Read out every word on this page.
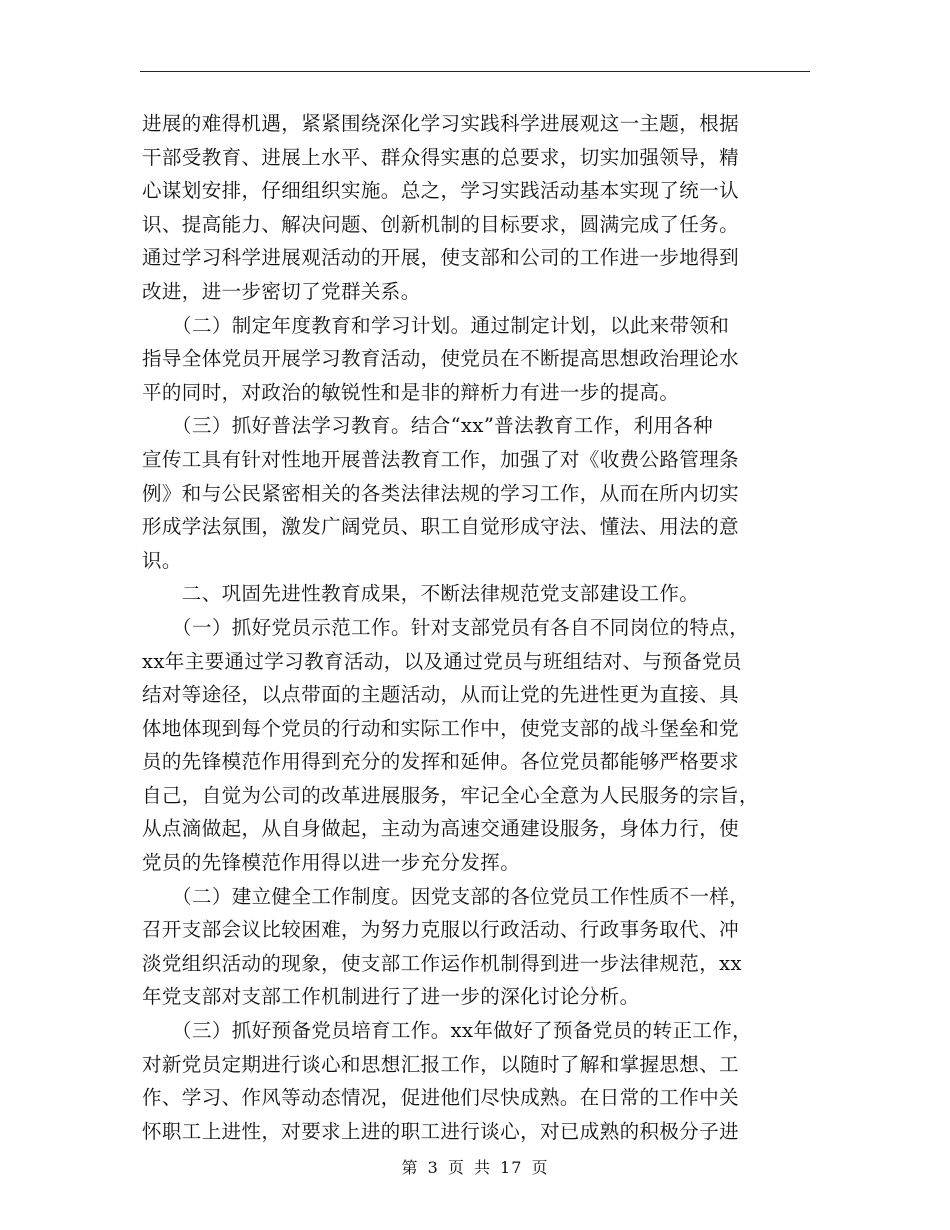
进展的难得机遇，紧紧围绕深化学习实践科学进展观这一主题，根据
干部受教育、进展上水平、群众得实惠的总要求，切实加强领导，精
心谋划安排，仔细组织实施。总之，学习实践活动基本实现了统一认
识、提高能力、解决问题、创新机制的目标要求，圆满完成了任务。
通过学习科学进展观活动的开展，使支部和公司的工作进一步地得到
改进，进一步密切了党群关系。
　　（二）制定年度教育和学习计划。通过制定计划，以此来带领和
指导全体党员开展学习教育活动，使党员在不断提高思想政治理论水
平的同时，对政治的敏锐性和是非的辩析力有进一步的提高。
　　（三）抓好普法学习教育。结合“xx”普法教育工作，利用各种
宣传工具有针对性地开展普法教育工作，加强了对《收费公路管理条
例》和与公民紧密相关的各类法律法规的学习工作，从而在所内切实
形成学法氛围，激发广阔党员、职工自觉形成守法、懂法、用法的意
识。
　　二、巩固先进性教育成果，不断法律规范党支部建设工作。
　　（一）抓好党员示范工作。针对支部党员有各自不同岗位的特点，
xx年主要通过学习教育活动，以及通过党员与班组结对、与预备党员
结对等途径，以点带面的主题活动，从而让党的先进性更为直接、具
体地体现到每个党员的行动和实际工作中，使党支部的战斗堡垒和党
员的先锋模范作用得到充分的发挥和延伸。各位党员都能够严格要求
自己，自觉为公司的改革进展服务，牢记全心全意为人民服务的宗旨，
从点滴做起，从自身做起，主动为高速交通建设服务，身体力行，使
党员的先锋模范作用得以进一步充分发挥。
　　（二）建立健全工作制度。因党支部的各位党员工作性质不一样，
召开支部会议比较困难，为努力克服以行政活动、行政事务取代、冲
淡党组织活动的现象，使支部工作运作机制得到进一步法律规范，xx
年党支部对支部工作机制进行了进一步的深化讨论分析。
　　（三）抓好预备党员培育工作。xx年做好了预备党员的转正工作，
对新党员定期进行谈心和思想汇报工作，以随时了解和掌握思想、工
作、学习、作风等动态情况，促进他们尽快成熟。在日常的工作中关
怀职工上进性，对要求上进的职工进行谈心，对已成熟的积极分子进
第 3 页 共 17 页
